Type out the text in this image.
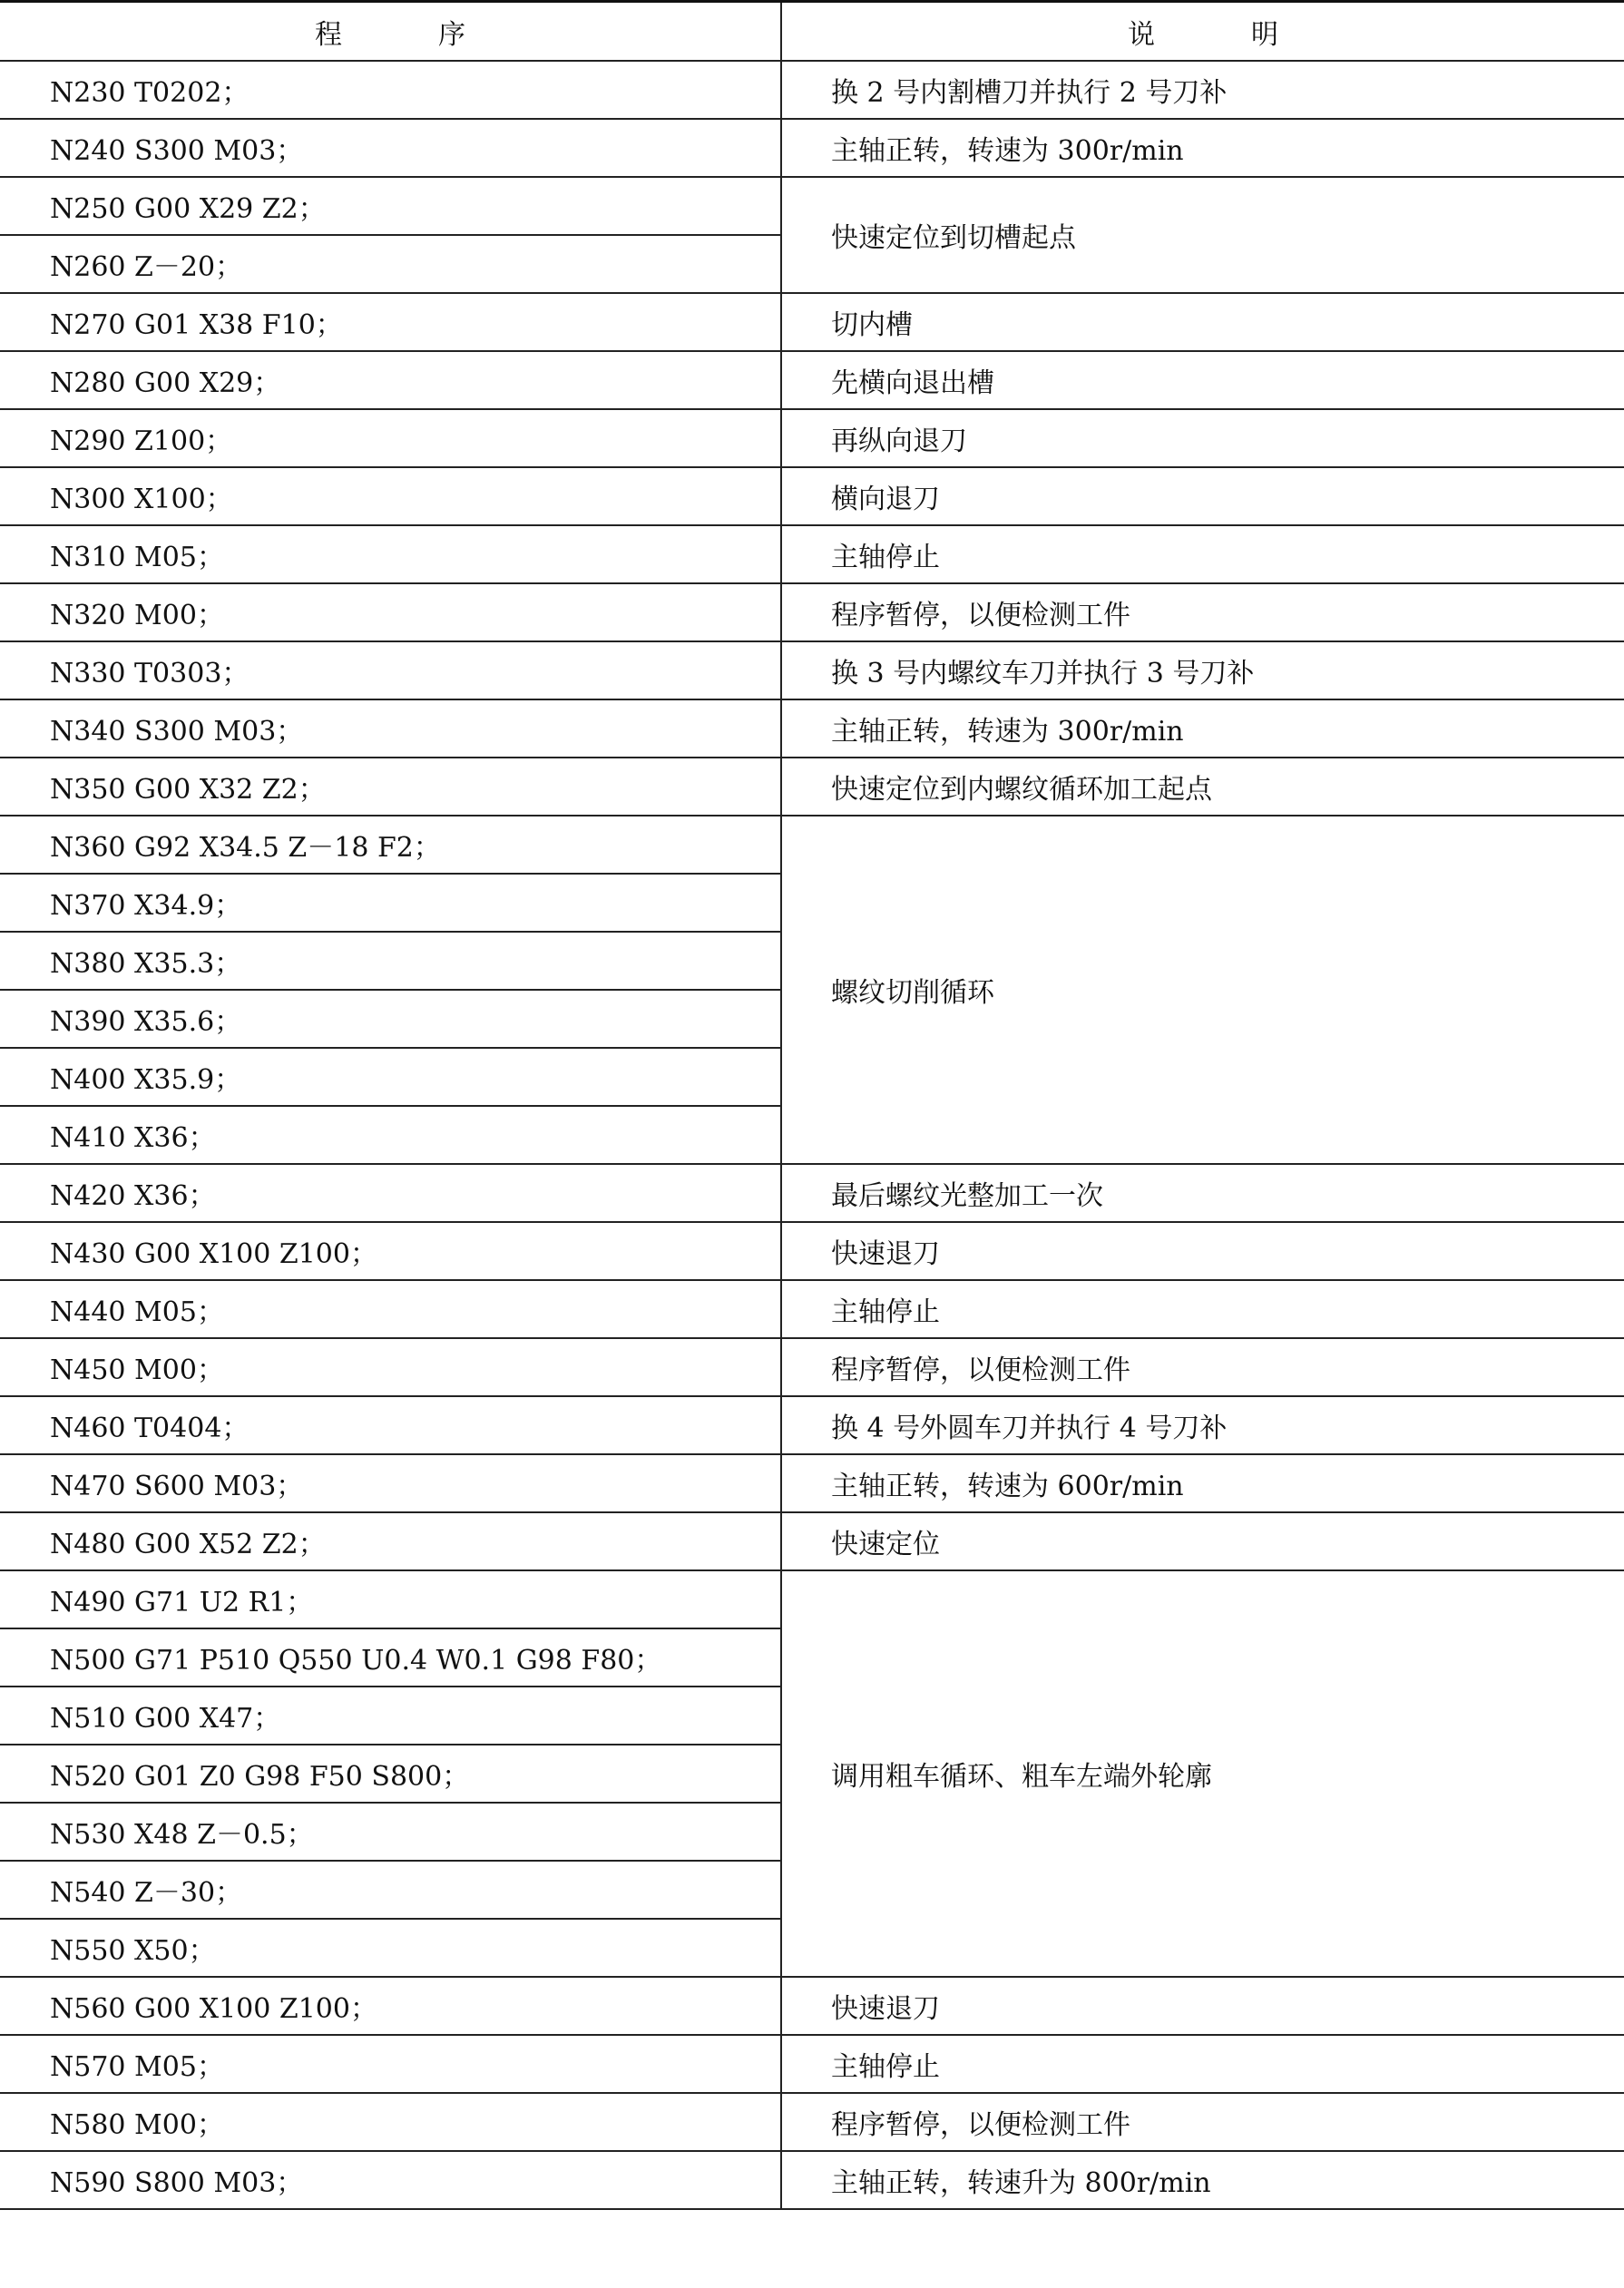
程　序	说　明
N230 T0202；	换 2 号内割槽刀并执行 2 号刀补
N240 S300 M03；	主轴正转，转速为 300r/min
N250 G00 X29 Z2；	快速定位到切槽起点
N260 Z－20；	
N270 G01 X38 F10；	切内槽
N280 G00 X29；	先横向退出槽
N290 Z100；	再纵向退刀
N300 X100；	横向退刀
N310 M05；	主轴停止
N320 M00；	程序暂停，以便检测工件
N330 T0303；	换 3 号内螺纹车刀并执行 3 号刀补
N340 S300 M03；	主轴正转，转速为 300r/min
N350 G00 X32 Z2；	快速定位到内螺纹循环加工起点
N360 G92 X34.5 Z－18 F2；	螺纹切削循环
N370 X34.9；	
N380 X35.3；	
N390 X35.6；	
N400 X35.9；	
N410 X36；	
N420 X36；	最后螺纹光整加工一次
N430 G00 X100 Z100；	快速退刀
N440 M05；	主轴停止
N450 M00；	程序暂停，以便检测工件
N460 T0404；	换 4 号外圆车刀并执行 4 号刀补
N470 S600 M03；	主轴正转，转速为 600r/min
N480 G00 X52 Z2；	快速定位
N490 G71 U2 R1；	调用粗车循环、粗车左端外轮廓
N500 G71 P510 Q550 U0.4 W0.1 G98 F80；	
N510 G00 X47；	
N520 G01 Z0 G98 F50 S800；	
N530 X48 Z－0.5；	
N540 Z－30；	
N550 X50；	
N560 G00 X100 Z100；	快速退刀
N570 M05；	主轴停止
N580 M00；	程序暂停，以便检测工件
N590 S800 M03；	主轴正转，转速升为 800r/min
